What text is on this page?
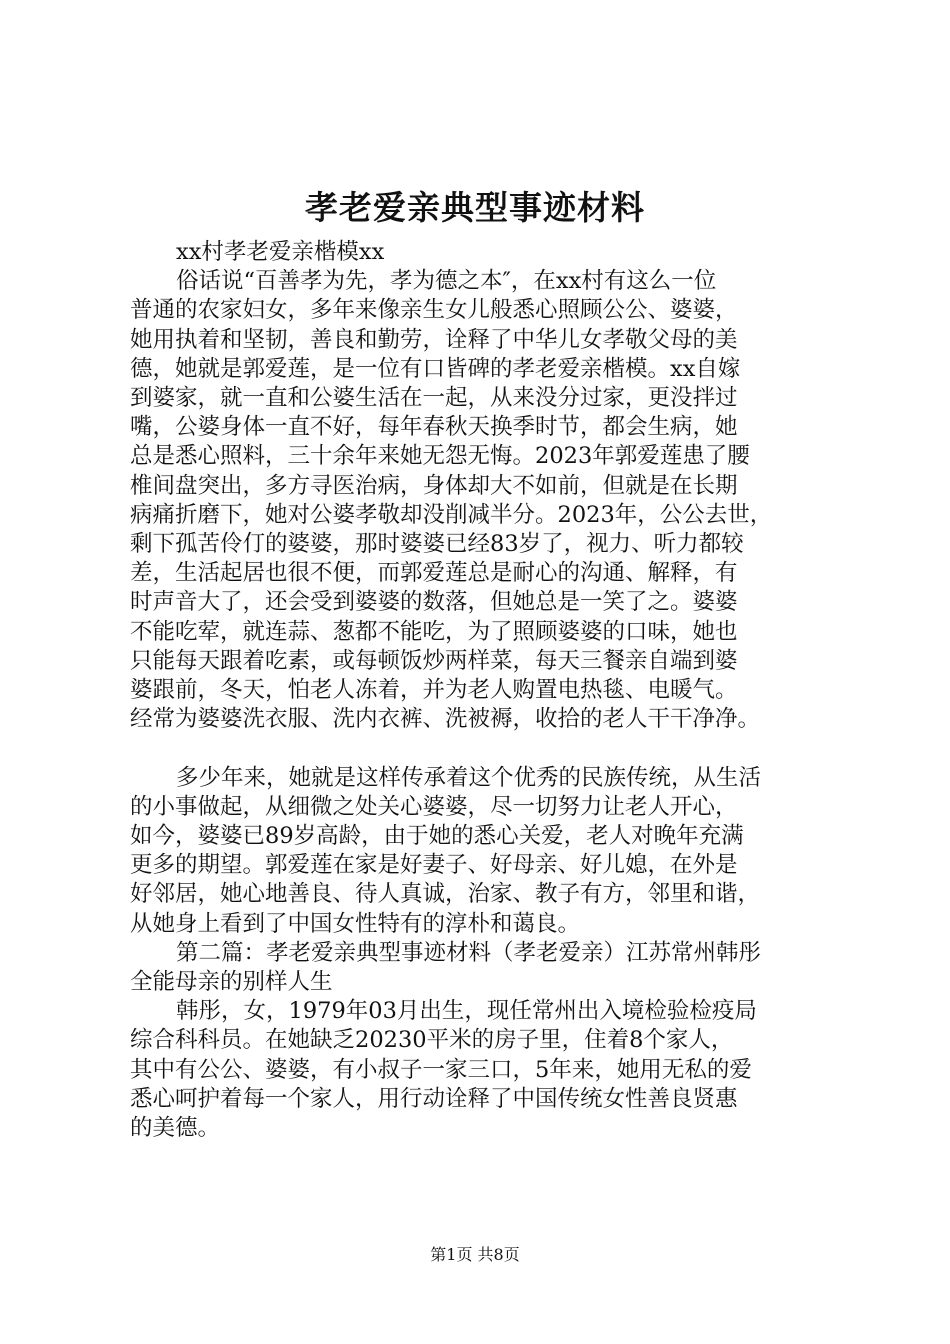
孝老爱亲典型事迹材料
xx村孝老爱亲楷模xx
俗话说“百善孝为先，孝为德之本″，在xx村有这么一位
普通的农家妇女，多年来像亲生女儿般悉心照顾公公、婆婆，
她用执着和坚韧，善良和勤劳，诠释了中华儿女孝敬父母的美
德，她就是郭爱莲，是一位有口皆碑的孝老爱亲楷模。xx自嫁
到婆家，就一直和公婆生活在一起，从来没分过家，更没拌过
嘴，公婆身体一直不好，每年春秋天换季时节，都会生病，她
总是悉心照料，三十余年来她无怨无悔。2023年郭爱莲患了腰
椎间盘突出，多方寻医治病，身体却大不如前，但就是在长期
病痛折磨下，她对公婆孝敬却没削减半分。2023年，公公去世，
剩下孤苦伶仃的婆婆，那时婆婆已经83岁了，视力、听力都较
差，生活起居也很不便，而郭爱莲总是耐心的沟通、解释，有
时声音大了，还会受到婆婆的数落，但她总是一笑了之。婆婆
不能吃荤，就连蒜、葱都不能吃，为了照顾婆婆的口味，她也
只能每天跟着吃素，或每顿饭炒两样菜，每天三餐亲自端到婆
婆跟前，冬天，怕老人冻着，并为老人购置电热毯、电暖气。
经常为婆婆洗衣服、洗内衣裤、洗被褥，收拾的老人干干净净。
多少年来，她就是这样传承着这个优秀的民族传统，从生活
的小事做起，从细微之处关心婆婆，尽一切努力让老人开心，
如今，婆婆已89岁高龄，由于她的悉心关爱，老人对晚年充满
更多的期望。郭爱莲在家是好妻子、好母亲、好儿媳，在外是
好邻居，她心地善良、待人真诚，治家、教子有方，邻里和谐，
从她身上看到了中国女性特有的淳朴和蔼良。
第二篇：孝老爱亲典型事迹材料（孝老爱亲）江苏常州韩彤
全能母亲的别样人生
韩彤，女，1979年03月出生，现任常州出入境检验检疫局
综合科科员。在她缺乏20230平米的房子里，住着8个家人，
其中有公公、婆婆，有小叔子一家三口，5年来，她用无私的爱
悉心呵护着每一个家人，用行动诠释了中国传统女性善良贤惠
的美德。
第1页 共8页
